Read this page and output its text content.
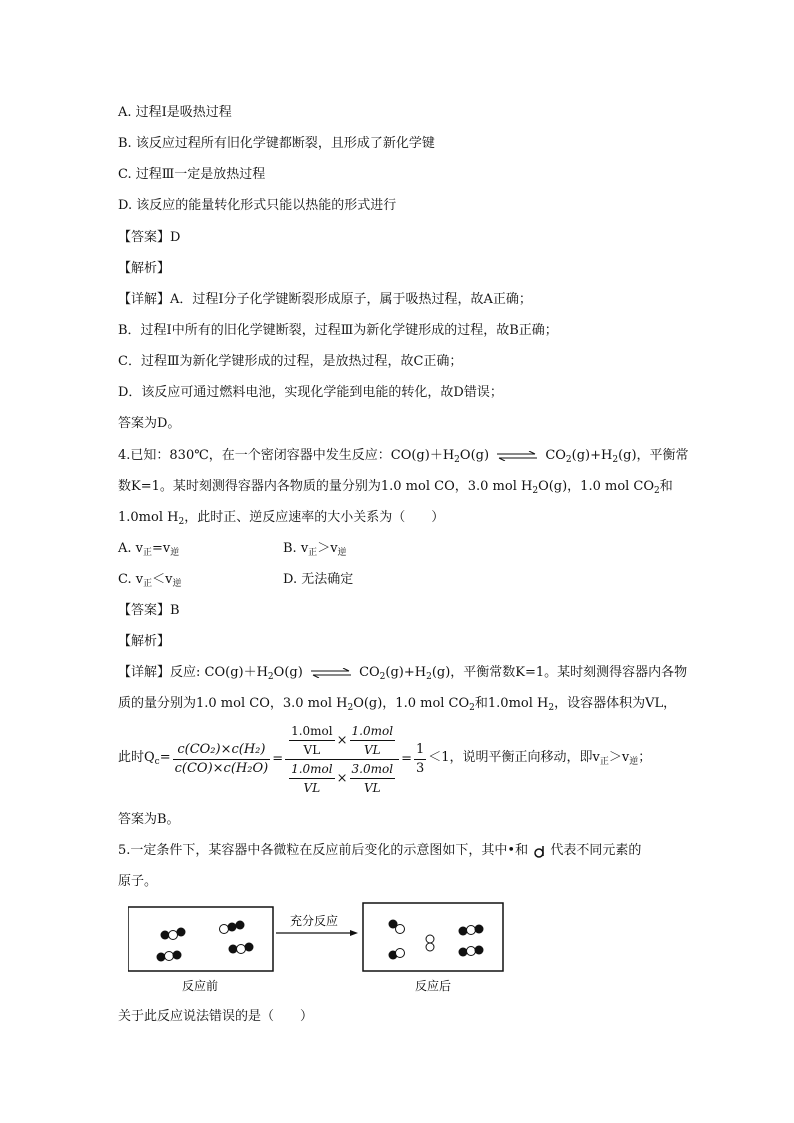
A. 过程Ⅰ是吸热过程
B. 该反应过程所有旧化学键都断裂，且形成了新化学键
C. 过程Ⅲ一定是放热过程
D. 该反应的能量转化形式只能以热能的形式进行
【答案】D
【解析】
【详解】A．过程Ⅰ分子化学键断裂形成原子，属于吸热过程，故A正确；
B．过程Ⅰ中所有的旧化学键断裂，过程Ⅲ为新化学键形成的过程，故B正确；
C．过程Ⅲ为新化学键形成的过程，是放热过程，故C正确；
D．该反应可通过燃料电池，实现化学能到电能的转化，故D错误；
答案为D。
4.已知：830℃，在一个密闭容器中发生反应：$CO(g)+H_2O(g)$ ⇌ $CO_2(g)+H_2(g)$，平衡常
数K=1。某时刻测得容器内各物质的量分别为1.0 mol CO，3.0 mol $H_2O(g)$，1.0 mol $CO_2$和
1.0mol $H_2$，此时正、逆反应速率的大小关系为（　　）
A. $v_正=v_逆$	B. $v_正>v_逆$
C. $v_正<v_逆$	D. 无法确定
【答案】B
【解析】
【详解】反应: $CO(g)+H_2O(g)$ ⇌ $CO_2(g)+H_2(g)$，平衡常数K=1。某时刻测得容器内各物
质的量分别为1.0 mol CO，3.0 mol $H_2O(g)$，1.0 mol $CO_2$和1.0mol $H_2$，设容器体积为VL，
此时$Q_c= \frac{\text{c(CO₂)×c(H₂)}}{\text{c(CO)×c(H₂O)}} = \frac{\frac{\text{1.0mol}}{VL} \times \frac{\text{1.0mol}}{VL}}{\frac{\text{1.0mol}}{VL} \times \frac{\text{3.0mol}}{VL}} = \frac{1}{3} <1$，说明平衡正向移动，即$v_正>v_逆$；
答案为B。
5.一定条件下，某容器中各微粒在反应前后变化的示意图如下，其中•和 代表不同元素的
原子。
充分反应
反应前	反应后
关于此反应说法错误的是（　　）
